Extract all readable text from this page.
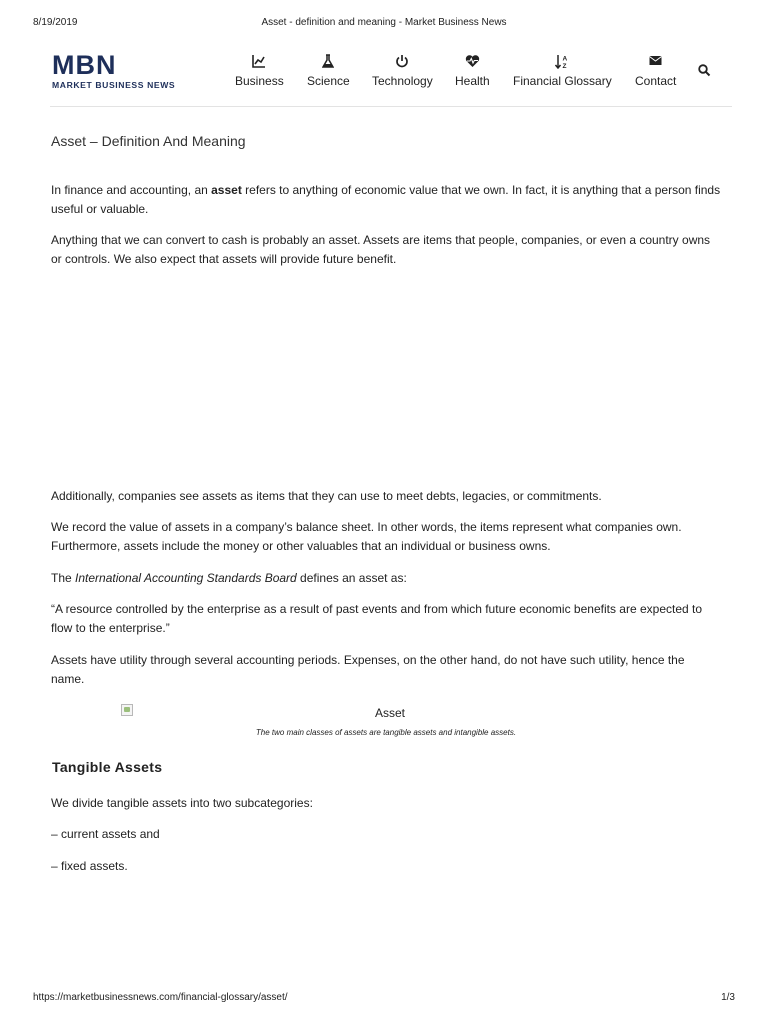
8/19/2019	Asset - definition and meaning - Market Business News
MBN
MARKET BUSINESS NEWS	Business Science Technology Health
A
Z
Financial Glossary Contact
Asset – Definition And Meaning

In finance and accounting, an asset refers to anything of economic value that we own. In fact, it is anything that a person finds useful or valuable.

Anything that we can convert to cash is probably an asset. Assets are items that people, companies, or even a country owns or controls. We also expect that assets will provide future benefit.

Additionally, companies see assets as items that they can use to meet debts, legacies, or commitments.

We record the value of assets in a company’s balance sheet. In other words, the items represent what companies own. Furthermore, assets include the money or other valuables that an individual or business owns.

The International Accounting Standards Board defines an asset as:

“A resource controlled by the enterprise as a result of past events and from which future economic benefits are expected to flow to the enterprise.”

Assets have utility through several accounting periods. Expenses, on the other hand, do not have such utility, hence the name.

Asset
The two main classes of assets are tangible assets and intangible assets.
Tangible Assets

We divide tangible assets into two subcategories:

– current assets and

– fixed assets.

https://marketbusinessnews.com/financial-glossary/asset/	1/3
